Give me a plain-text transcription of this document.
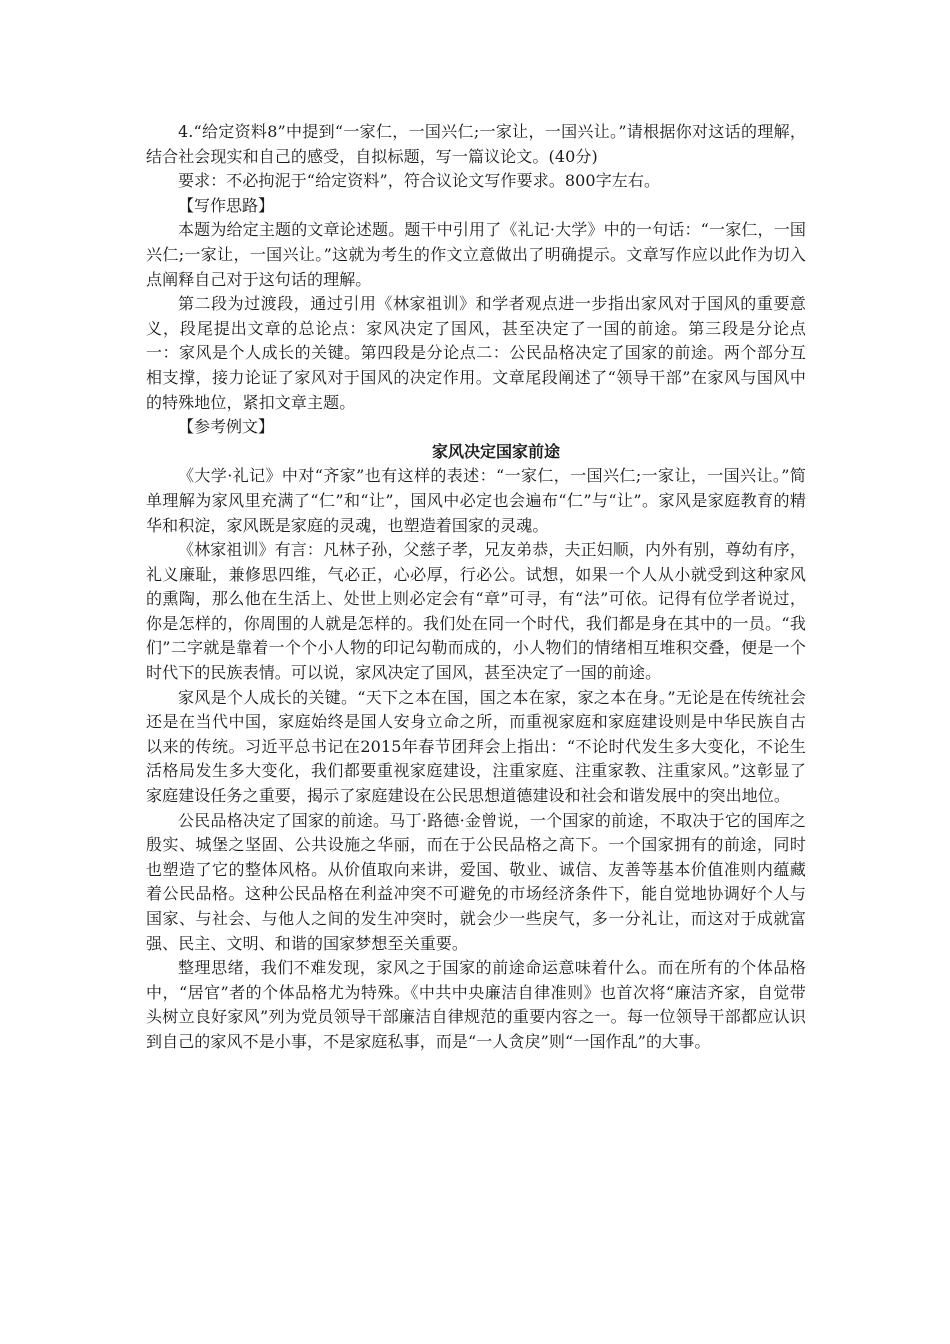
4.“给定资料8”中提到“一家仁，一国兴仁;一家让，一国兴让。”请根据你对这话的理解，结合社会现实和自己的感受，自拟标题，写一篇议论文。(40分)

要求：不必拘泥于“给定资料”，符合议论文写作要求。800字左右。

【写作思路】

本题为给定主题的文章论述题。题干中引用了《礼记·大学》中的一句话：“一家仁，一国兴仁;一家让，一国兴让。”这就为考生的作文立意做出了明确提示。文章写作应以此作为切入点阐释自己对于这句话的理解。

第二段为过渡段，通过引用《林家祖训》和学者观点进一步指出家风对于国风的重要意义，段尾提出文章的总论点：家风决定了国风，甚至决定了一国的前途。第三段是分论点一：家风是个人成长的关键。第四段是分论点二：公民品格决定了国家的前途。两个部分互相支撑，接力论证了家风对于国风的决定作用。文章尾段阐述了“领导干部”在家风与国风中的特殊地位，紧扣文章主题。

【参考例文】
家风决定国家前途

《大学·礼记》中对“齐家”也有这样的表述：“一家仁，一国兴仁;一家让，一国兴让。”简单理解为家风里充满了“仁”和“让”，国风中必定也会遍布“仁”与“让”。家风是家庭教育的精华和积淀，家风既是家庭的灵魂，也塑造着国家的灵魂。

《林家祖训》有言：凡林子孙，父慈子孝，兄友弟恭，夫正妇顺，内外有别，尊幼有序，礼义廉耻，兼修思四维，气必正，心必厚，行必公。试想，如果一个人从小就受到这种家风的熏陶，那么他在生活上、处世上则必定会有“章”可寻，有“法”可依。记得有位学者说过，你是怎样的，你周围的人就是怎样的。我们处在同一个时代，我们都是身在其中的一员。“我们”二字就是靠着一个个小人物的印记勾勒而成的，小人物们的情绪相互堆积交叠，便是一个时代下的民族表情。可以说，家风决定了国风，甚至决定了一国的前途。

家风是个人成长的关键。“天下之本在国，国之本在家，家之本在身。”无论是在传统社会还是在当代中国，家庭始终是国人安身立命之所，而重视家庭和家庭建设则是中华民族自古以来的传统。习近平总书记在2015年春节团拜会上指出：“不论时代发生多大变化，不论生活格局发生多大变化，我们都要重视家庭建设，注重家庭、注重家教、注重家风。”这彰显了家庭建设任务之重要，揭示了家庭建设在公民思想道德建设和社会和谐发展中的突出地位。

公民品格决定了国家的前途。马丁·路德·金曾说，一个国家的前途，不取决于它的国库之殷实、城堡之坚固、公共设施之华丽，而在于公民品格之高下。一个国家拥有的前途，同时也塑造了它的整体风格。从价值取向来讲，爱国、敬业、诚信、友善等基本价值准则内蕴藏着公民品格。这种公民品格在利益冲突不可避免的市场经济条件下，能自觉地协调好个人与国家、与社会、与他人之间的发生冲突时，就会少一些戾气，多一分礼让，而这对于成就富强、民主、文明、和谐的国家梦想至关重要。

整理思绪，我们不难发现，家风之于国家的前途命运意味着什么。而在所有的个体品格中，“居官”者的个体品格尤为特殊。《中共中央廉洁自律准则》也首次将“廉洁齐家，自觉带头树立良好家风”列为党员领导干部廉洁自律规范的重要内容之一。每一位领导干部都应认识到自己的家风不是小事，不是家庭私事，而是“一人贪戾”则“一国作乱”的大事。
